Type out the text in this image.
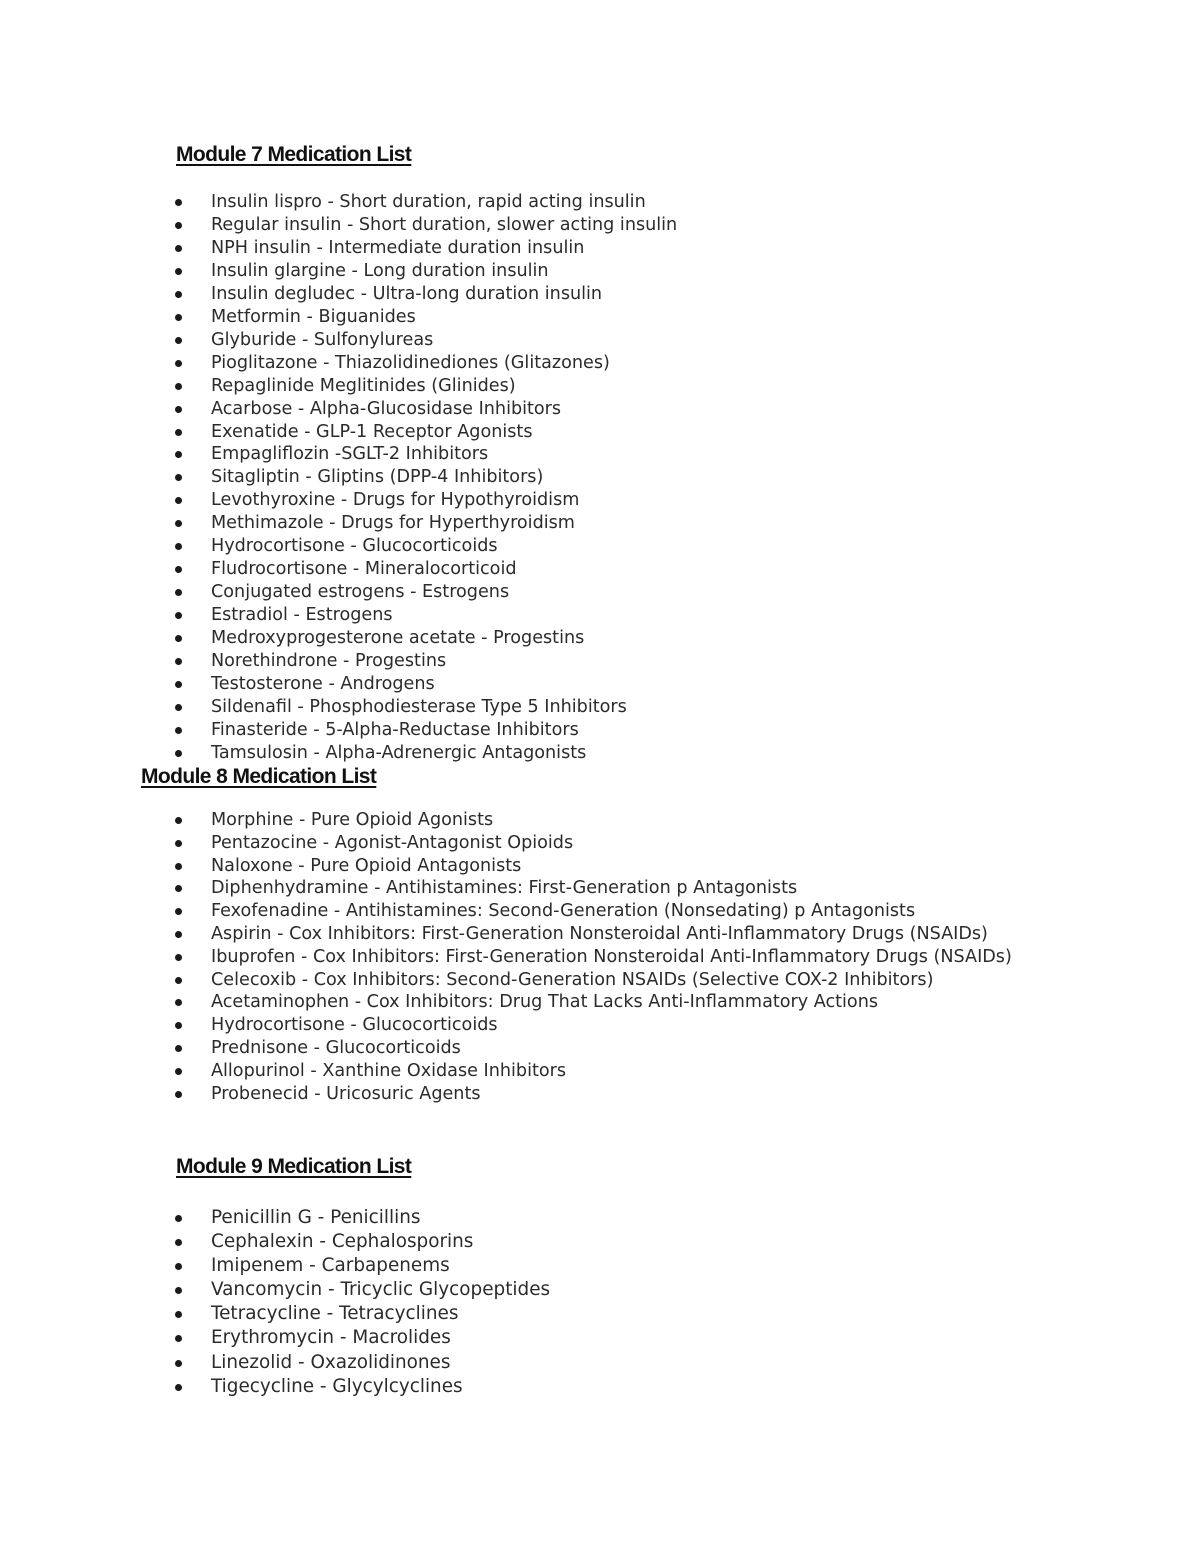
Module 7 Medication List
Insulin lispro - Short duration, rapid acting insulin
Regular insulin - Short duration, slower acting insulin
NPH insulin - Intermediate duration insulin
Insulin glargine - Long duration insulin
Insulin degludec - Ultra-long duration insulin
Metformin - Biguanides
Glyburide - Sulfonylureas
Pioglitazone - Thiazolidinediones (Glitazones)
Repaglinide Meglitinides (Glinides)
Acarbose - Alpha-Glucosidase Inhibitors
Exenatide - GLP-1 Receptor Agonists
Empagliflozin -SGLT-2 Inhibitors
Sitagliptin - Gliptins (DPP-4 Inhibitors)
Levothyroxine - Drugs for Hypothyroidism
Methimazole - Drugs for Hyperthyroidism
Hydrocortisone - Glucocorticoids
Fludrocortisone - Mineralocorticoid
Conjugated estrogens - Estrogens
Estradiol - Estrogens
Medroxyprogesterone acetate - Progestins
Norethindrone - Progestins
Testosterone - Androgens
Sildenafil - Phosphodiesterase Type 5 Inhibitors
Finasteride - 5-Alpha-Reductase Inhibitors
Tamsulosin - Alpha-Adrenergic Antagonists
Module 8 Medication List
Morphine - Pure Opioid Agonists
Pentazocine - Agonist-Antagonist Opioids
Naloxone - Pure Opioid Antagonists
Diphenhydramine - Antihistamines: First-Generation p Antagonists
Fexofenadine - Antihistamines: Second-Generation (Nonsedating) p Antagonists
Aspirin - Cox Inhibitors: First-Generation Nonsteroidal Anti-Inflammatory Drugs (NSAIDs)
Ibuprofen - Cox Inhibitors: First-Generation Nonsteroidal Anti-Inflammatory Drugs (NSAIDs)
Celecoxib - Cox Inhibitors: Second-Generation NSAIDs (Selective COX-2 Inhibitors)
Acetaminophen - Cox Inhibitors: Drug That Lacks Anti-Inflammatory Actions
Hydrocortisone - Glucocorticoids
Prednisone - Glucocorticoids
Allopurinol - Xanthine Oxidase Inhibitors
Probenecid - Uricosuric Agents
Module 9 Medication List
Penicillin G - Penicillins
Cephalexin - Cephalosporins
Imipenem - Carbapenems
Vancomycin - Tricyclic Glycopeptides
Tetracycline - Tetracyclines
Erythromycin - Macrolides
Linezolid - Oxazolidinones
Tigecycline - Glycylcyclines
